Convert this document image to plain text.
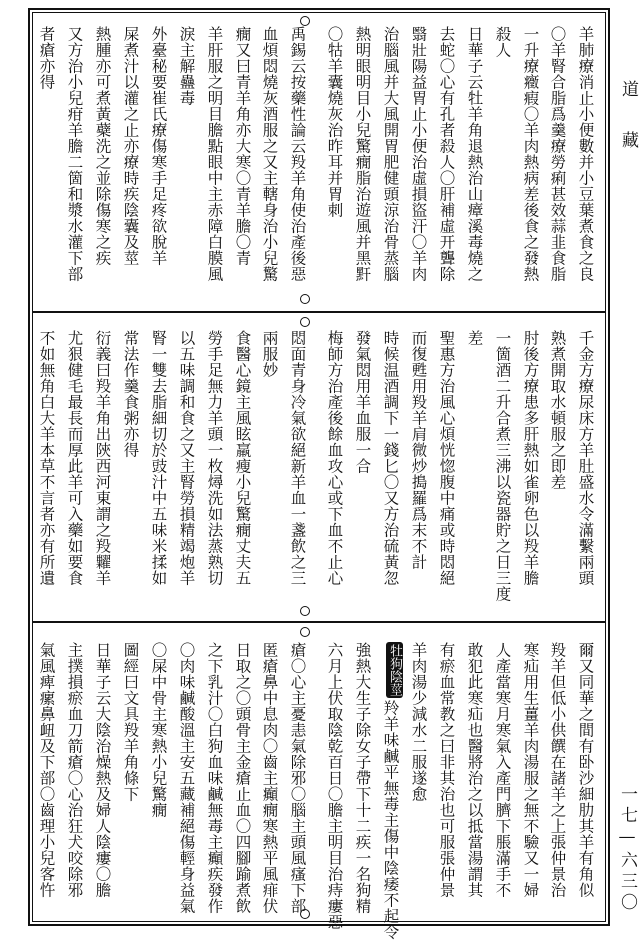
道藏
一七—六三〇
羊肺療消止小便數并小豆葉煮食之良
〇羊腎合脂爲羹療勞痢甚效蒜韭食脂
一升療癥瘕〇羊肉熱病差後食之發熱
殺人
日華子云牡羊角退熱治山瘴溪毒燒之
去蛇〇心有孔者殺人〇肝補虛开聾除
翳壯陽益胃止小便治虛損盜汗〇羊肉
治腦風并大風開胃肥健頭涼治骨蒸腦
熱明眼明目小兒驚癇脂治遊風并黑䵟
〇牯羊囊燒灰治昨耳并胃刺
禹錫云按藥性論云羖羊角使治產後惡
血煩悶燒灰酒服之又主轄身治小兒驚
癇又曰青羊角亦大寒〇青羊膽〇青
羊肝服之明目膽點眼中主赤障白膜風
淚主解蠱毒
外臺秘要崔氏療傷寒手足疼欲脫羊
屎煮汁以灌之止亦療時疾陰囊及莖
熱腫亦可煮黃蘗洗之並除傷寒之疾
又方治小兒疳羊膽二箇和漿水灌下部
者瘡亦得
千金方療尿床方羊肚盛水令滿繫兩頭
熟煮開取水頓服之即差
肘後方療患多肝熱如雀卵色以羖羊膽
一箇酒二升合煮三沸以瓷器貯之日三度
差
聖惠方治風心煩恍惚腹中痛或時悶絕
而復甦用羖羊肩微炒搗羅爲末不計
時候温酒調下一錢匕〇又方治硫黃忽
發氣悶用羊血服一合
梅師方治產後餘血攻心或下血不止心
悶面青身冷氣欲絕新羊血一盞飲之三
兩服妙
食醫心鏡主風眩羸瘦小兒驚癇丈夫五
勞手足無力羊頭一枚燖洗如法蒸熟切
以五味調和食之又主腎勞損精竭炮羊
腎一雙去脂細切於豉汁中五味米揉如
常法作羹食粥亦得
衍義曰羖羊角出陝西河東謂之羖糶羊
尤狠健毛最長而厚此羊可入藥如要食
不如無角白大羊本草不言者亦有所遺
爾又同華之間有卧沙細肋其羊有角似
羖羊但低小供饌在諸羊之上張仲景治
寒疝用生薑羊肉湯服之無不驗又一婦
人產當寒月寒氣入產門臍下脹滿手不
敢犯此寒疝也醫將治之以抵當湯謂其
有瘀血常教之曰非其治也可服張仲景
羊肉湯少減水二服遂愈
羚羊味鹹平無毒主傷中陰痿不起令
強熱大生子除女子帶下十二疾一名狗精
六月上伏取陰乾百日〇膽主明目治痔瘻惡
瘡〇心主憂恚氣除邪〇腦主頭風瘙下部
匿瘡鼻中息肉〇齒主癲癇寒熱平風痱伏
日取之〇頭骨主金瘡止血〇四腳踰煮飲
之下乳汁〇白狗血味鹹無毒主癲疾發作
〇肉味鹹酸溫主安五藏補絕傷輕身益氣
〇屎中骨主寒熱小兒驚癇
圖經曰文具羖羊角條下
日華子云大陰治燥熱及婦人陰瘻〇膽
主撲損瘀血刀箭瘡〇心治狂犬咬除邪
氣風痺瘰鼻衄及下部〇齒理小兒客忤	牡狗陰莖
